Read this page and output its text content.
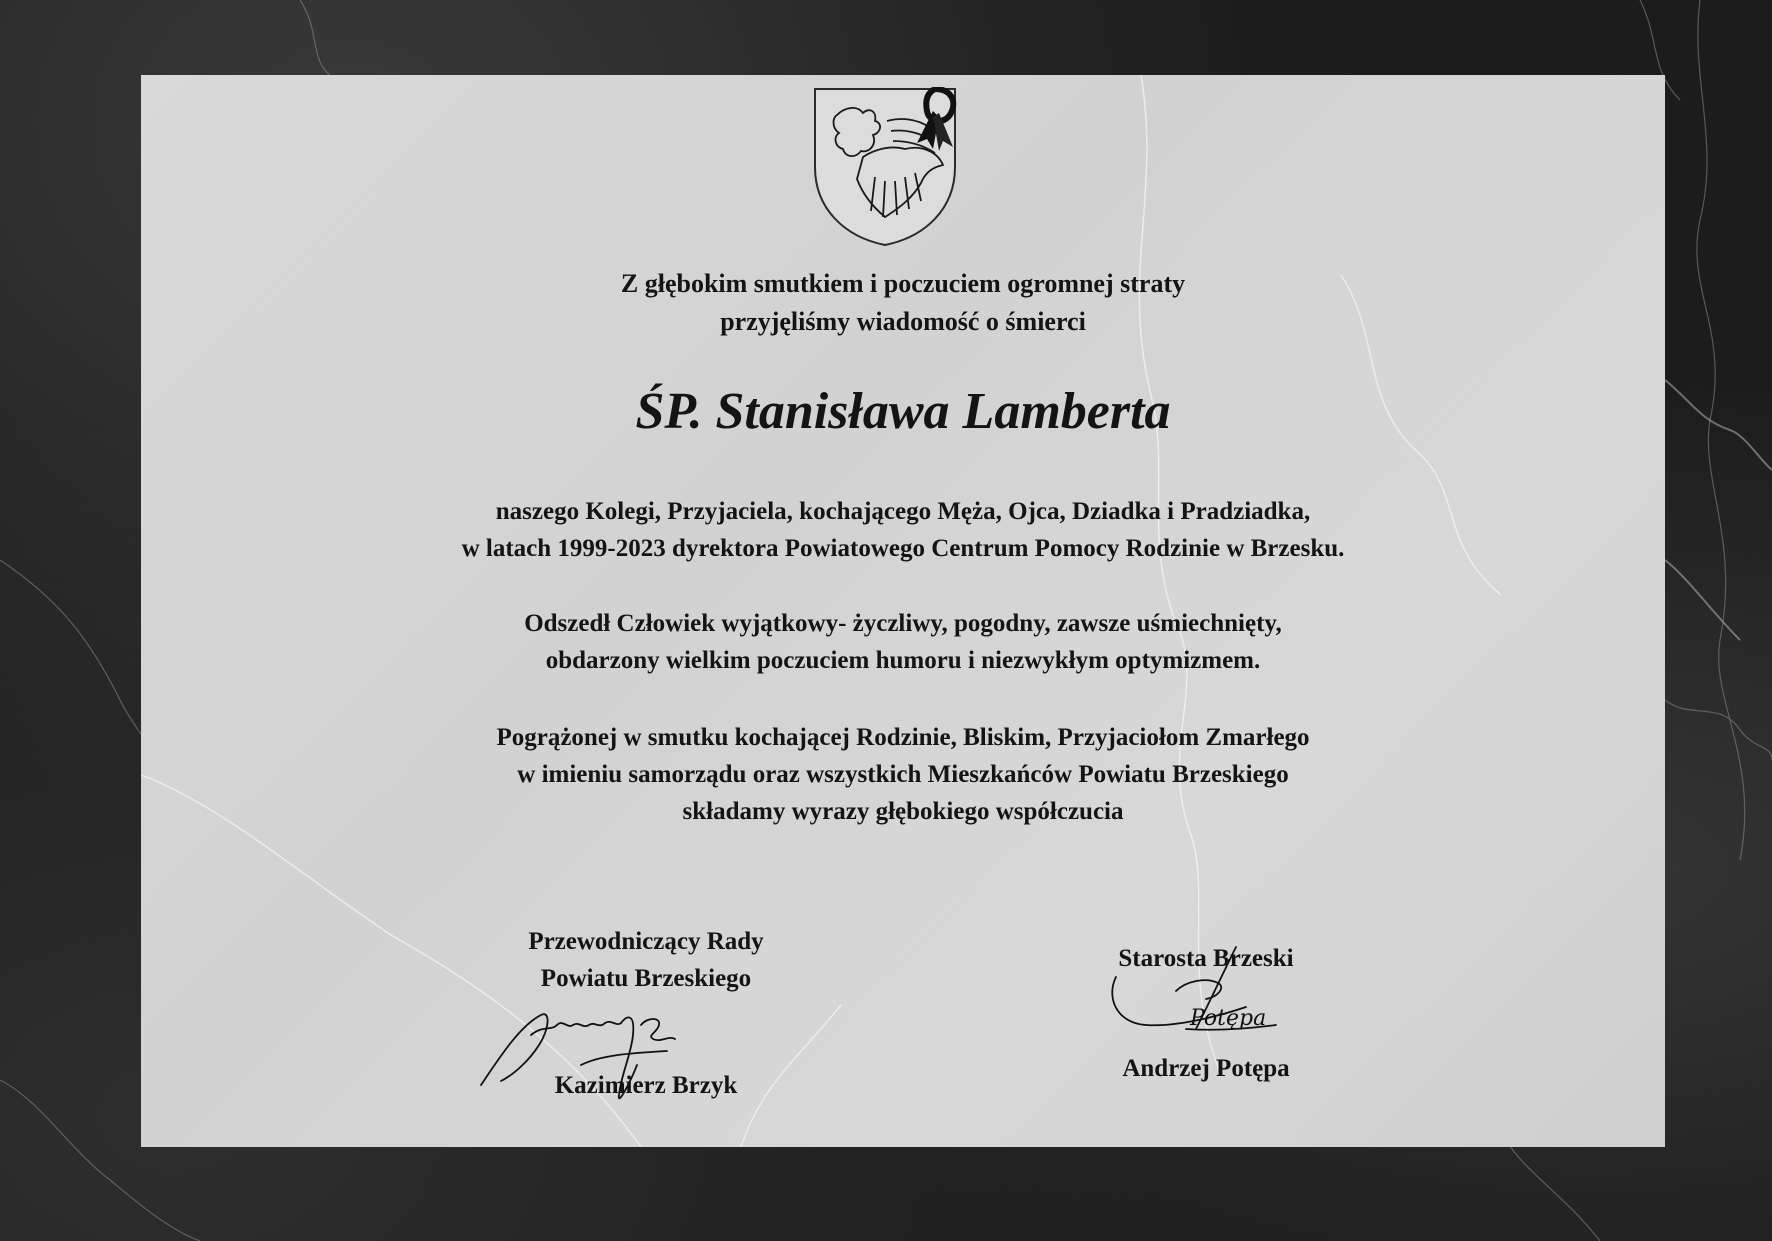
Z głębokim smutkiem i poczuciem ogromnej straty
przyjęliśmy wiadomość o śmierci
ŚP. Stanisława Lamberta
naszego Kolegi, Przyjaciela, kochającego Męża, Ojca, Dziadka i Pradziadka,
w latach 1999-2023 dyrektora Powiatowego Centrum Pomocy Rodzinie w Brzesku.
Odszedł Człowiek wyjątkowy- życzliwy, pogodny, zawsze uśmiechnięty,
obdarzony wielkim poczuciem humoru i niezwykłym optymizmem.
Pogrążonej w smutku kochającej Rodzinie, Bliskim, Przyjaciołom Zmarłego
w imieniu samorządu oraz wszystkich Mieszkańców Powiatu Brzeskiego
składamy wyrazy głębokiego współczucia
Przewodniczący Rady
Powiatu Brzeskiego
Kazimierz Brzyk
Starosta Brzeski
Potępa
Andrzej Potępa
